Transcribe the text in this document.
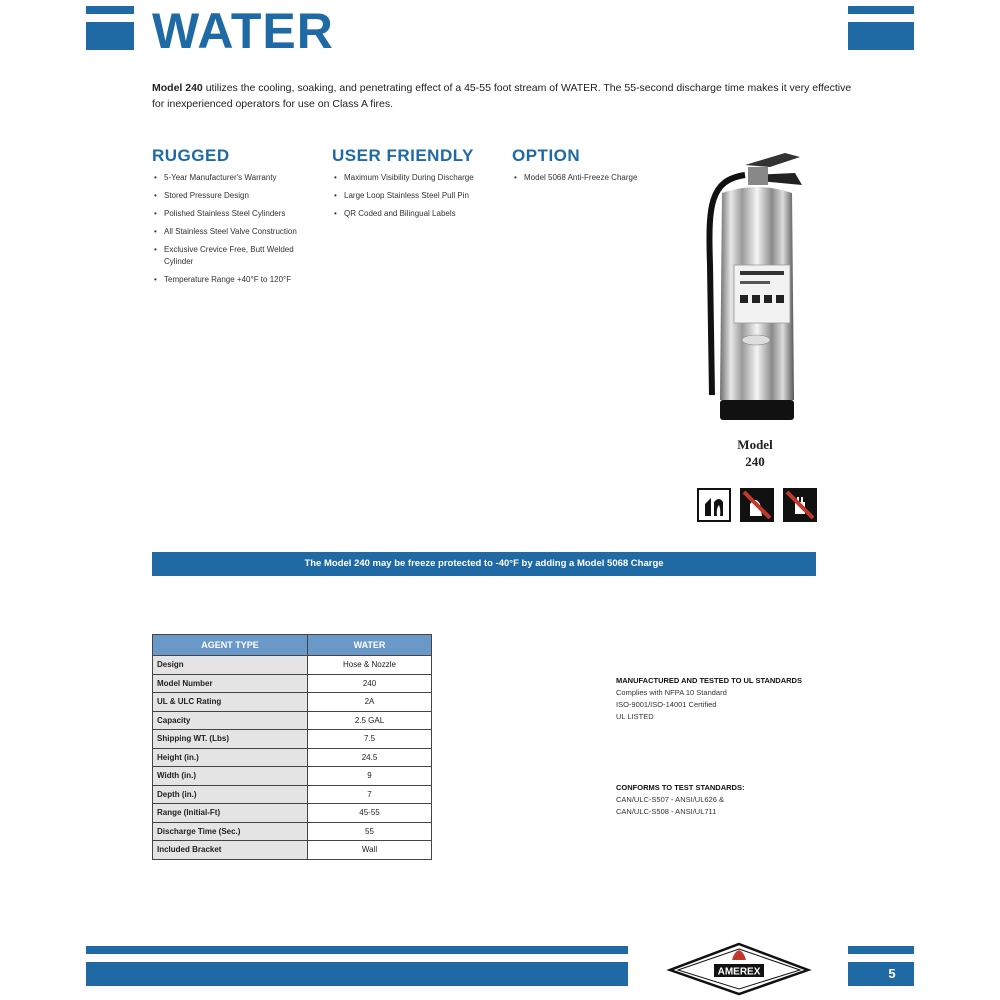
WATER
Model 240 utilizes the cooling, soaking, and penetrating effect of a 45-55 foot stream of WATER. The 55-second discharge time makes it very effective for inexperienced operators for use on Class A fires.
RUGGED
• 5-Year Manufacturer's Warranty
• Stored Pressure Design
• Polished Stainless Steel Cylinders
• All Stainless Steel Valve Construction
• Exclusive Crevice Free, Butt Welded Cylinder
• Temperature Range +40°F to 120°F
USER FRIENDLY
• Maximum Visibility During Discharge
• Large Loop Stainless Steel Pull Pin
• QR Coded and Bilingual Labels
OPTION
• Model 5068 Anti-Freeze Charge
Model
240
The Model 240 may be freeze protected to -40°F by adding a Model 5068 Charge
AGENT TYPE	WATER
Design	Hose & Nozzle
Model Number	240
UL & ULC Rating	2A
Capacity	2.5 GAL
Shipping WT. (Lbs)	7.5
Height (in.)	24.5
Width (in.)	9
Depth (in.)	7
Range (Initial-Ft)	45-55
Discharge Time (Sec.)	55
Included Bracket	Wall
MANUFACTURED AND TESTED TO UL STANDARDS
Complies with NFPA 10 Standard
ISO-9001/ISO-14001 Certified
UL LISTED
CONFORMS TO TEST STANDARDS:
CAN/ULC-S507 - ANSI/UL626 &
CAN/ULC-S508 - ANSI/UL711
5
AMEREX
